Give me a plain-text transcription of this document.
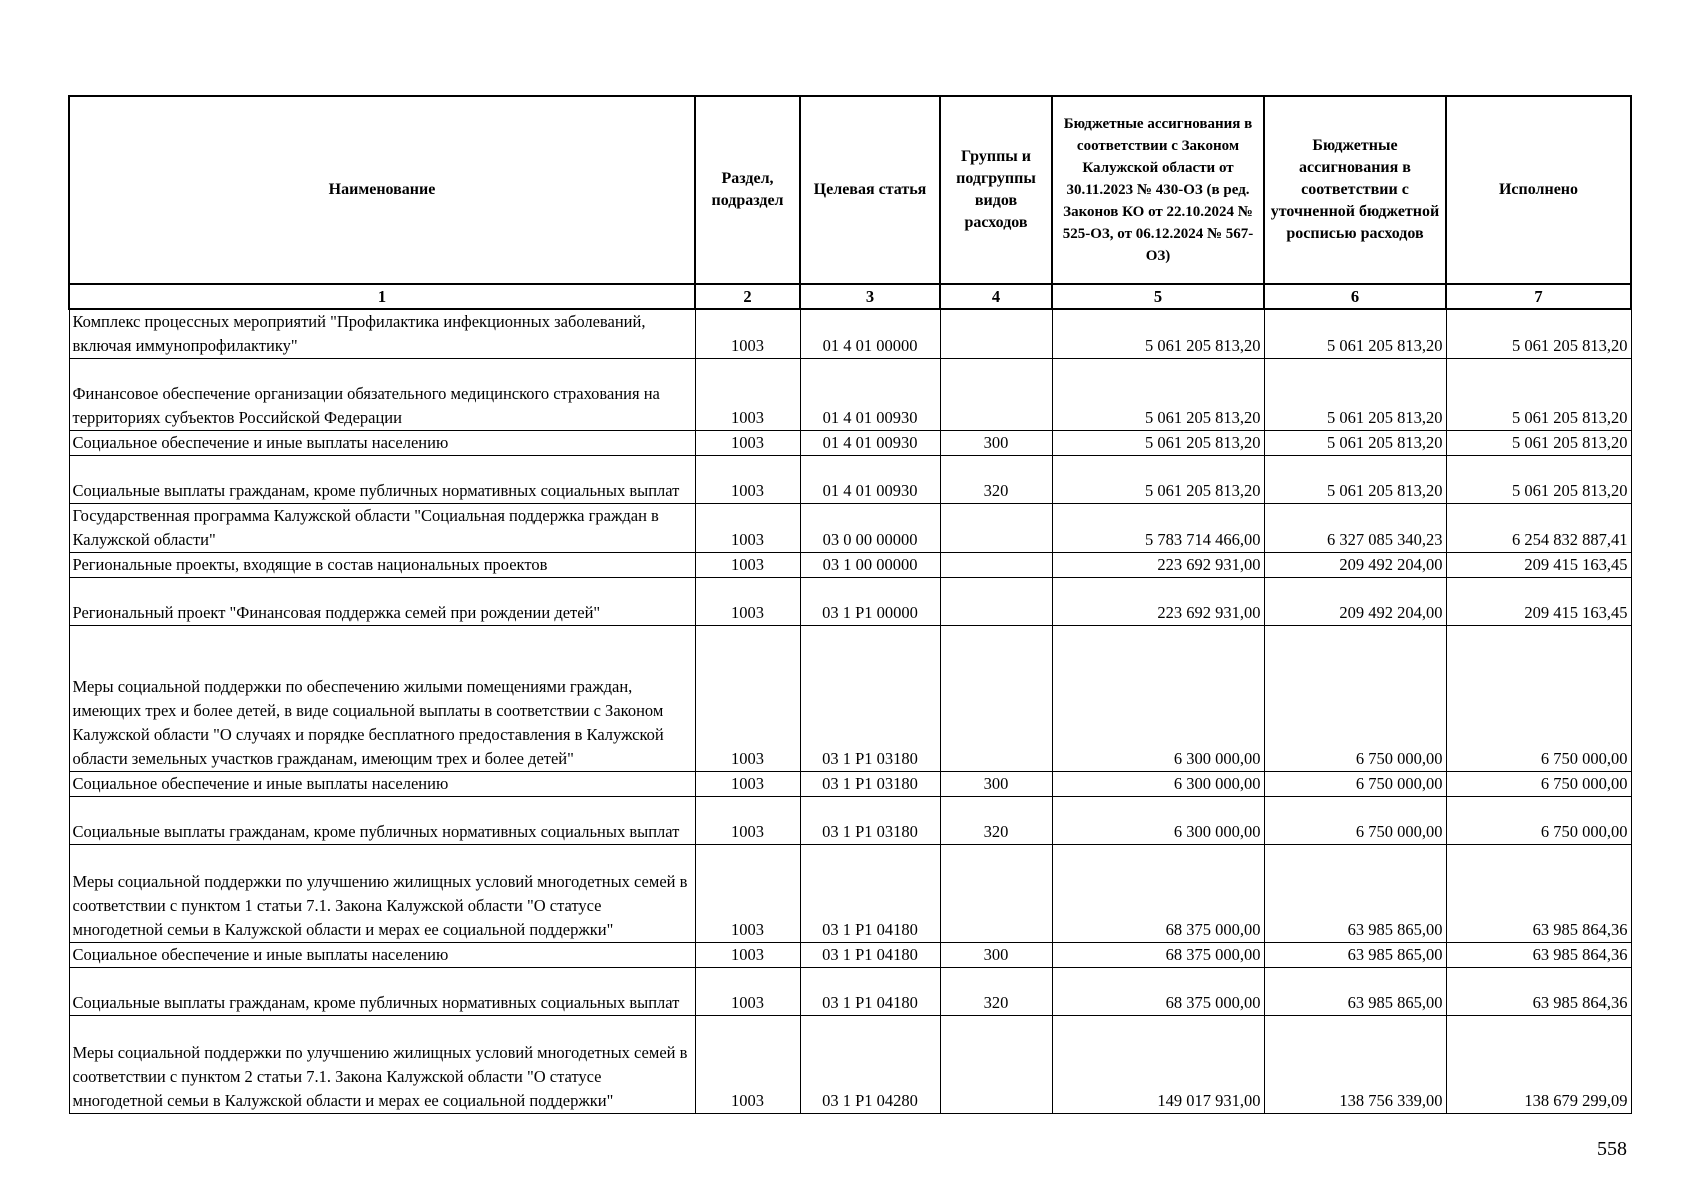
Наименование	Раздел, подраздел	Целевая статья	Группы и подгруппы видов расходов	Бюджетные ассигнования в соответствии с Законом Калужской области от 30.11.2023 № 430-ОЗ (в ред. Законов КО от 22.10.2024 № 525-ОЗ, от 06.12.2024 № 567-ОЗ)	Бюджетные ассигнования в соответствии с уточненной бюджетной росписью расходов	Исполнено
1	2	3	4	5	6	7
Комплекс процессных мероприятий "Профилактика инфекционных заболеваний, включая иммунопрофилактику"	1003	01 4 01 00000		5 061 205 813,20	5 061 205 813,20	5 061 205 813,20
Финансовое обеспечение организации обязательного медицинского страхования на территориях субъектов Российской Федерации	1003	01 4 01 00930		5 061 205 813,20	5 061 205 813,20	5 061 205 813,20
Социальное обеспечение и иные выплаты населению	1003	01 4 01 00930	300	5 061 205 813,20	5 061 205 813,20	5 061 205 813,20
Социальные выплаты гражданам, кроме публичных нормативных социальных выплат	1003	01 4 01 00930	320	5 061 205 813,20	5 061 205 813,20	5 061 205 813,20
Государственная программа Калужской области "Социальная поддержка граждан в Калужской области"	1003	03 0 00 00000		5 783 714 466,00	6 327 085 340,23	6 254 832 887,41
Региональные проекты, входящие в состав национальных проектов	1003	03 1 00 00000		223 692 931,00	209 492 204,00	209 415 163,45
Региональный проект "Финансовая поддержка семей при рождении детей"	1003	03 1 P1 00000		223 692 931,00	209 492 204,00	209 415 163,45
Меры социальной поддержки по обеспечению жилыми помещениями граждан, имеющих трех и более детей, в виде социальной выплаты в соответствии с Законом Калужской области "О случаях и порядке бесплатного предоставления в Калужской области земельных участков гражданам, имеющим трех и более детей"	1003	03 1 P1 03180		6 300 000,00	6 750 000,00	6 750 000,00
Социальное обеспечение и иные выплаты населению	1003	03 1 P1 03180	300	6 300 000,00	6 750 000,00	6 750 000,00
Социальные выплаты гражданам, кроме публичных нормативных социальных выплат	1003	03 1 P1 03180	320	6 300 000,00	6 750 000,00	6 750 000,00
Меры социальной поддержки по улучшению жилищных условий многодетных семей в соответствии с пунктом 1 статьи 7.1. Закона Калужской области "О статусе многодетной семьи в Калужской области и мерах ее социальной поддержки"	1003	03 1 P1 04180		68 375 000,00	63 985 865,00	63 985 864,36
Социальное обеспечение и иные выплаты населению	1003	03 1 P1 04180	300	68 375 000,00	63 985 865,00	63 985 864,36
Социальные выплаты гражданам, кроме публичных нормативных социальных выплат	1003	03 1 P1 04180	320	68 375 000,00	63 985 865,00	63 985 864,36
Меры социальной поддержки по улучшению жилищных условий многодетных семей в соответствии с пунктом 2 статьи 7.1. Закона Калужской области "О статусе многодетной семьи в Калужской области и мерах ее социальной поддержки"	1003	03 1 P1 04280		149 017 931,00	138 756 339,00	138 679 299,09
558
